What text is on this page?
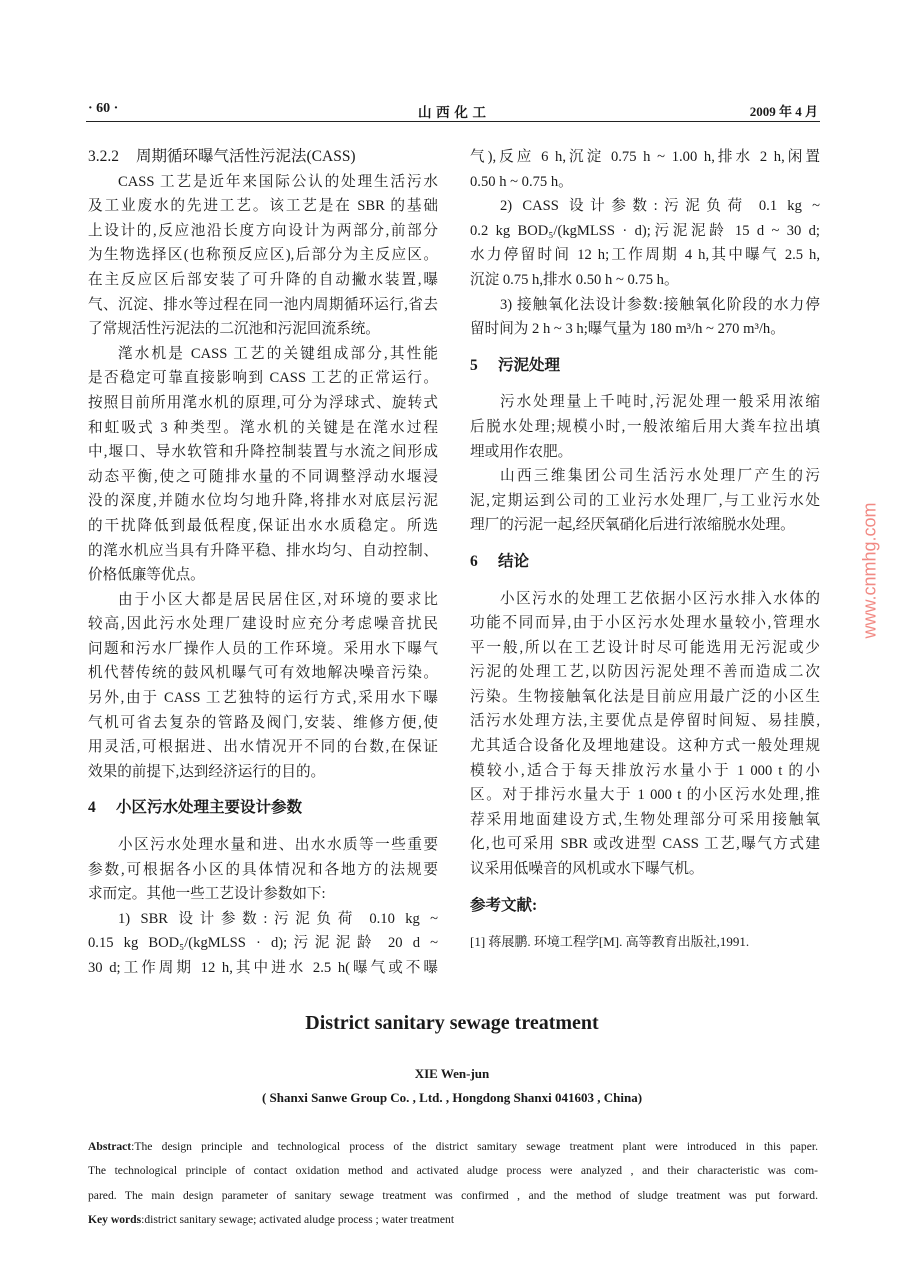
· 60 ·	山 西 化 工	2009 年 4 月
3.2.2 周期循环曝气活性污泥法(CASS)
CASS 工艺是近年来国际公认的处理生活污水
及工业废水的先进工艺。该工艺是在 SBR 的基础
上设计的,反应池沿长度方向设计为两部分,前部分
为生物选择区(也称预反应区),后部分为主反应区。
在主反应区后部安装了可升降的自动撇水装置,曝
气、沉淀、排水等过程在同一池内周期循环运行,省去
了常规活性污泥法的二沉池和污泥回流系统。
滗水机是 CASS 工艺的关键组成部分,其性能
是否稳定可靠直接影响到 CASS 工艺的正常运行。
按照目前所用滗水机的原理,可分为浮球式、旋转式
和虹吸式 3 种类型。滗水机的关键是在滗水过程
中,堰口、导水软管和升降控制装置与水流之间形成
动态平衡,使之可随排水量的不同调整浮动水堰浸
没的深度,并随水位均匀地升降,将排水对底层污泥
的干扰降低到最低程度,保证出水水质稳定。所选
的滗水机应当具有升降平稳、排水均匀、自动控制、
价格低廉等优点。
由于小区大都是居民居住区,对环境的要求比
较高,因此污水处理厂建设时应充分考虑噪音扰民
问题和污水厂操作人员的工作环境。采用水下曝气
机代替传统的鼓风机曝气可有效地解决噪音污染。
另外,由于 CASS 工艺独特的运行方式,采用水下曝
气机可省去复杂的管路及阀门,安装、维修方便,使
用灵活,可根据进、出水情况开不同的台数,在保证
效果的前提下,达到经济运行的目的。
4 小区污水处理主要设计参数
小区污水处理水量和进、出水水质等一些重要
参数,可根据各小区的具体情况和各地方的法规要
求而定。其他一些工艺设计参数如下:
1) SBR 设计参数:污泥负荷 0.10 kg ~
0.15 kg BOD₅/(kgMLSS · d);污泥泥龄 20 d ~
30 d;工作周期 12 h,其中进水 2.5 h(曝气或不曝
气),反应 6 h,沉淀 0.75 h ~ 1.00 h,排水 2 h,闲置
0.50 h ~ 0.75 h。
2) CASS 设计参数:污泥负荷 0.1 kg ~
0.2 kg BOD₅/(kgMLSS · d);污泥泥龄 15 d ~ 30 d;
水力停留时间 12 h;工作周期 4 h,其中曝气 2.5 h,
沉淀 0.75 h,排水 0.50 h ~ 0.75 h。
3) 接触氧化法设计参数:接触氧化阶段的水力停
留时间为 2 h ~ 3 h;曝气量为 180 m³/h ~ 270 m³/h。
5 污泥处理
污水处理量上千吨时,污泥处理一般采用浓缩
后脱水处理;规模小时,一般浓缩后用大粪车拉出填
埋或用作农肥。
山西三维集团公司生活污水处理厂产生的污
泥,定期运到公司的工业污水处理厂,与工业污水处
理厂的污泥一起,经厌氧硝化后进行浓缩脱水处理。
6 结论
小区污水的处理工艺依据小区污水排入水体的
功能不同而异,由于小区污水处理水量较小,管理水
平一般,所以在工艺设计时尽可能选用无污泥或少
污泥的处理工艺,以防因污泥处理不善而造成二次
污染。生物接触氧化法是目前应用最广泛的小区生
活污水处理方法,主要优点是停留时间短、易挂膜,
尤其适合设备化及埋地建设。这种方式一般处理规
模较小,适合于每天排放污水量小于 1 000 t 的小
区。对于排污水量大于 1 000 t 的小区污水处理,推
荐采用地面建设方式,生物处理部分可采用接触氧
化,也可采用 SBR 或改进型 CASS 工艺,曝气方式建
议采用低噪音的风机或水下曝气机。
参考文献:
[1] 蒋展鹏. 环境工程学[M]. 高等教育出版社,1991.
District sanitary sewage treatment
XIE Wen-jun
( Shanxi Sanwe Group Co. , Ltd. , Hongdong Shanxi 041603 , China)
Abstract:The design principle and technological process of the district samitary sewage treatment plant were introduced in this paper.
The technological principle of contact oxidation method and activated aludge process were analyzed , and their characteristic was com-
pared. The main design parameter of sanitary sewage treatment was confirmed , and the method of sludge treatment was put forward.
Key words:district sanitary sewage; activated aludge process ; water treatment
www.cnmhg.com
